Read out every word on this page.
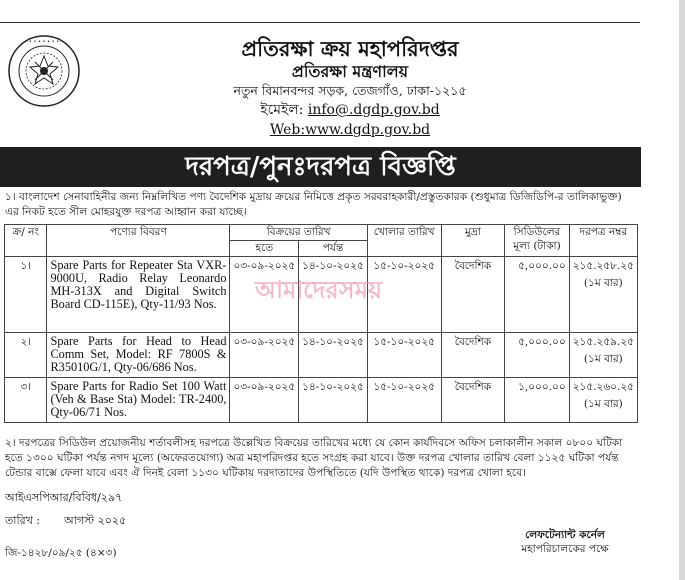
• • • • • • •	প্রতিরক্ষা ক্রয় মহাপরিদপ্তর
প্রতিরক্ষা মন্ত্রণালয়
নতুন বিমানবন্দর সড়ক, তেজগাঁও, ঢাকা-১২১৫
ইমেইল: info@.dgdp.gov.bd
Web:www.dgdp.gov.bd
দরপত্র/পুনঃদরপত্র বিজ্ঞপ্তি
১। বাংলাদেশ সেনাবাহিনীর জন্য নিম্নলিখিত পণ্য বৈদেশিক মুদ্রায় ক্রয়ের নিমিত্তে প্রকৃত সরবরাহকারী/প্রস্তুতকারক (শুধুমাত্র ডিজিডিপি-র তালিকাভুক্ত) এর নিকট হতে সীল মোহরযুক্ত দরপত্র আহ্বান করা যাচ্ছে।
ক্র/ নং	পণ্যের বিবরণ	বিক্রয়ের তারিখ		খোলার তারিখ	মুদ্রা	সিডিউলের মূল্য (টাকা)	দরপত্র নম্বর
		হতে	পর্যন্ত				
১।	Spare Parts for Repeater Sta VXR-9000U, Radio Relay Leonardo MH-313X and Digital Switch Board CD-115E), Qty-11/93 Nos.	০৩-০৯-২০২৫	১৪-১০-২০২৫	১৫-১০-২০২৫	বৈদেশিক	৫,০০০.০০	২১৫.২৫৮.২৫
(১ম বার)

২।	Spare Parts for Head to Head Comm Set, Model: RF 7800S & R35010G/1, Qty-06/686 Nos.	০৩-০৯-২০২৫	১৪-১০-২০২৫	১৫-১০-২০২৫	বৈদেশিক	৫,০০০.০০	২১৫.২৫৯.২৫
(১ম বার)

৩।	Spare Parts for Radio Set 100 Watt (Veh & Base Sta) Model: TR-2400, Qty-06/71 Nos.	০৩-০৯-২০২৫	১৪-১০-২০২৫	১৫-১০-২০২৫	বৈদেশিক	১,০০০.০০	২১৫.২৬০.২৫
(১ম বার)
আমাদেরসময়
২। দরপত্রের সিডিউল প্রয়োজনীয় শর্তাবলীসহ দরপত্রে উল্লেখিত বিক্রয়ের তারিখের মধ্যে যে কোন কার্যদিবসে অফিস চলাকালীন সকাল ০৮০০ ঘটিকা হতে ১৩০০ ঘটিকা পর্যন্ত নগদ মূল্যে (অফেরতযোগ্য) অত্র মহাপরিদপ্তর হতে সংগ্রহ করা যাবে। উক্ত দরপত্র খোলার তারিখ বেলা ১১২৫ ঘটিকা পর্যন্ত টেন্ডার বাক্সে ফেলা যাবে এবং ঐ দিনই বেলা ১১৩০ ঘটিকায় দরদাতাদের উপস্থিতিতে (যদি উপস্থিত থাকে) দরপত্র খোলা হবে।
আইএসপিআর/বিবিধ/২৯৭
তারিখ : আগস্ট ২০২৫
লেফটেন্যান্ট কর্নেল
মহাপরিচালকের পক্ষে
জি-১৪২৮/০৯/২৫ (৪×৩)
